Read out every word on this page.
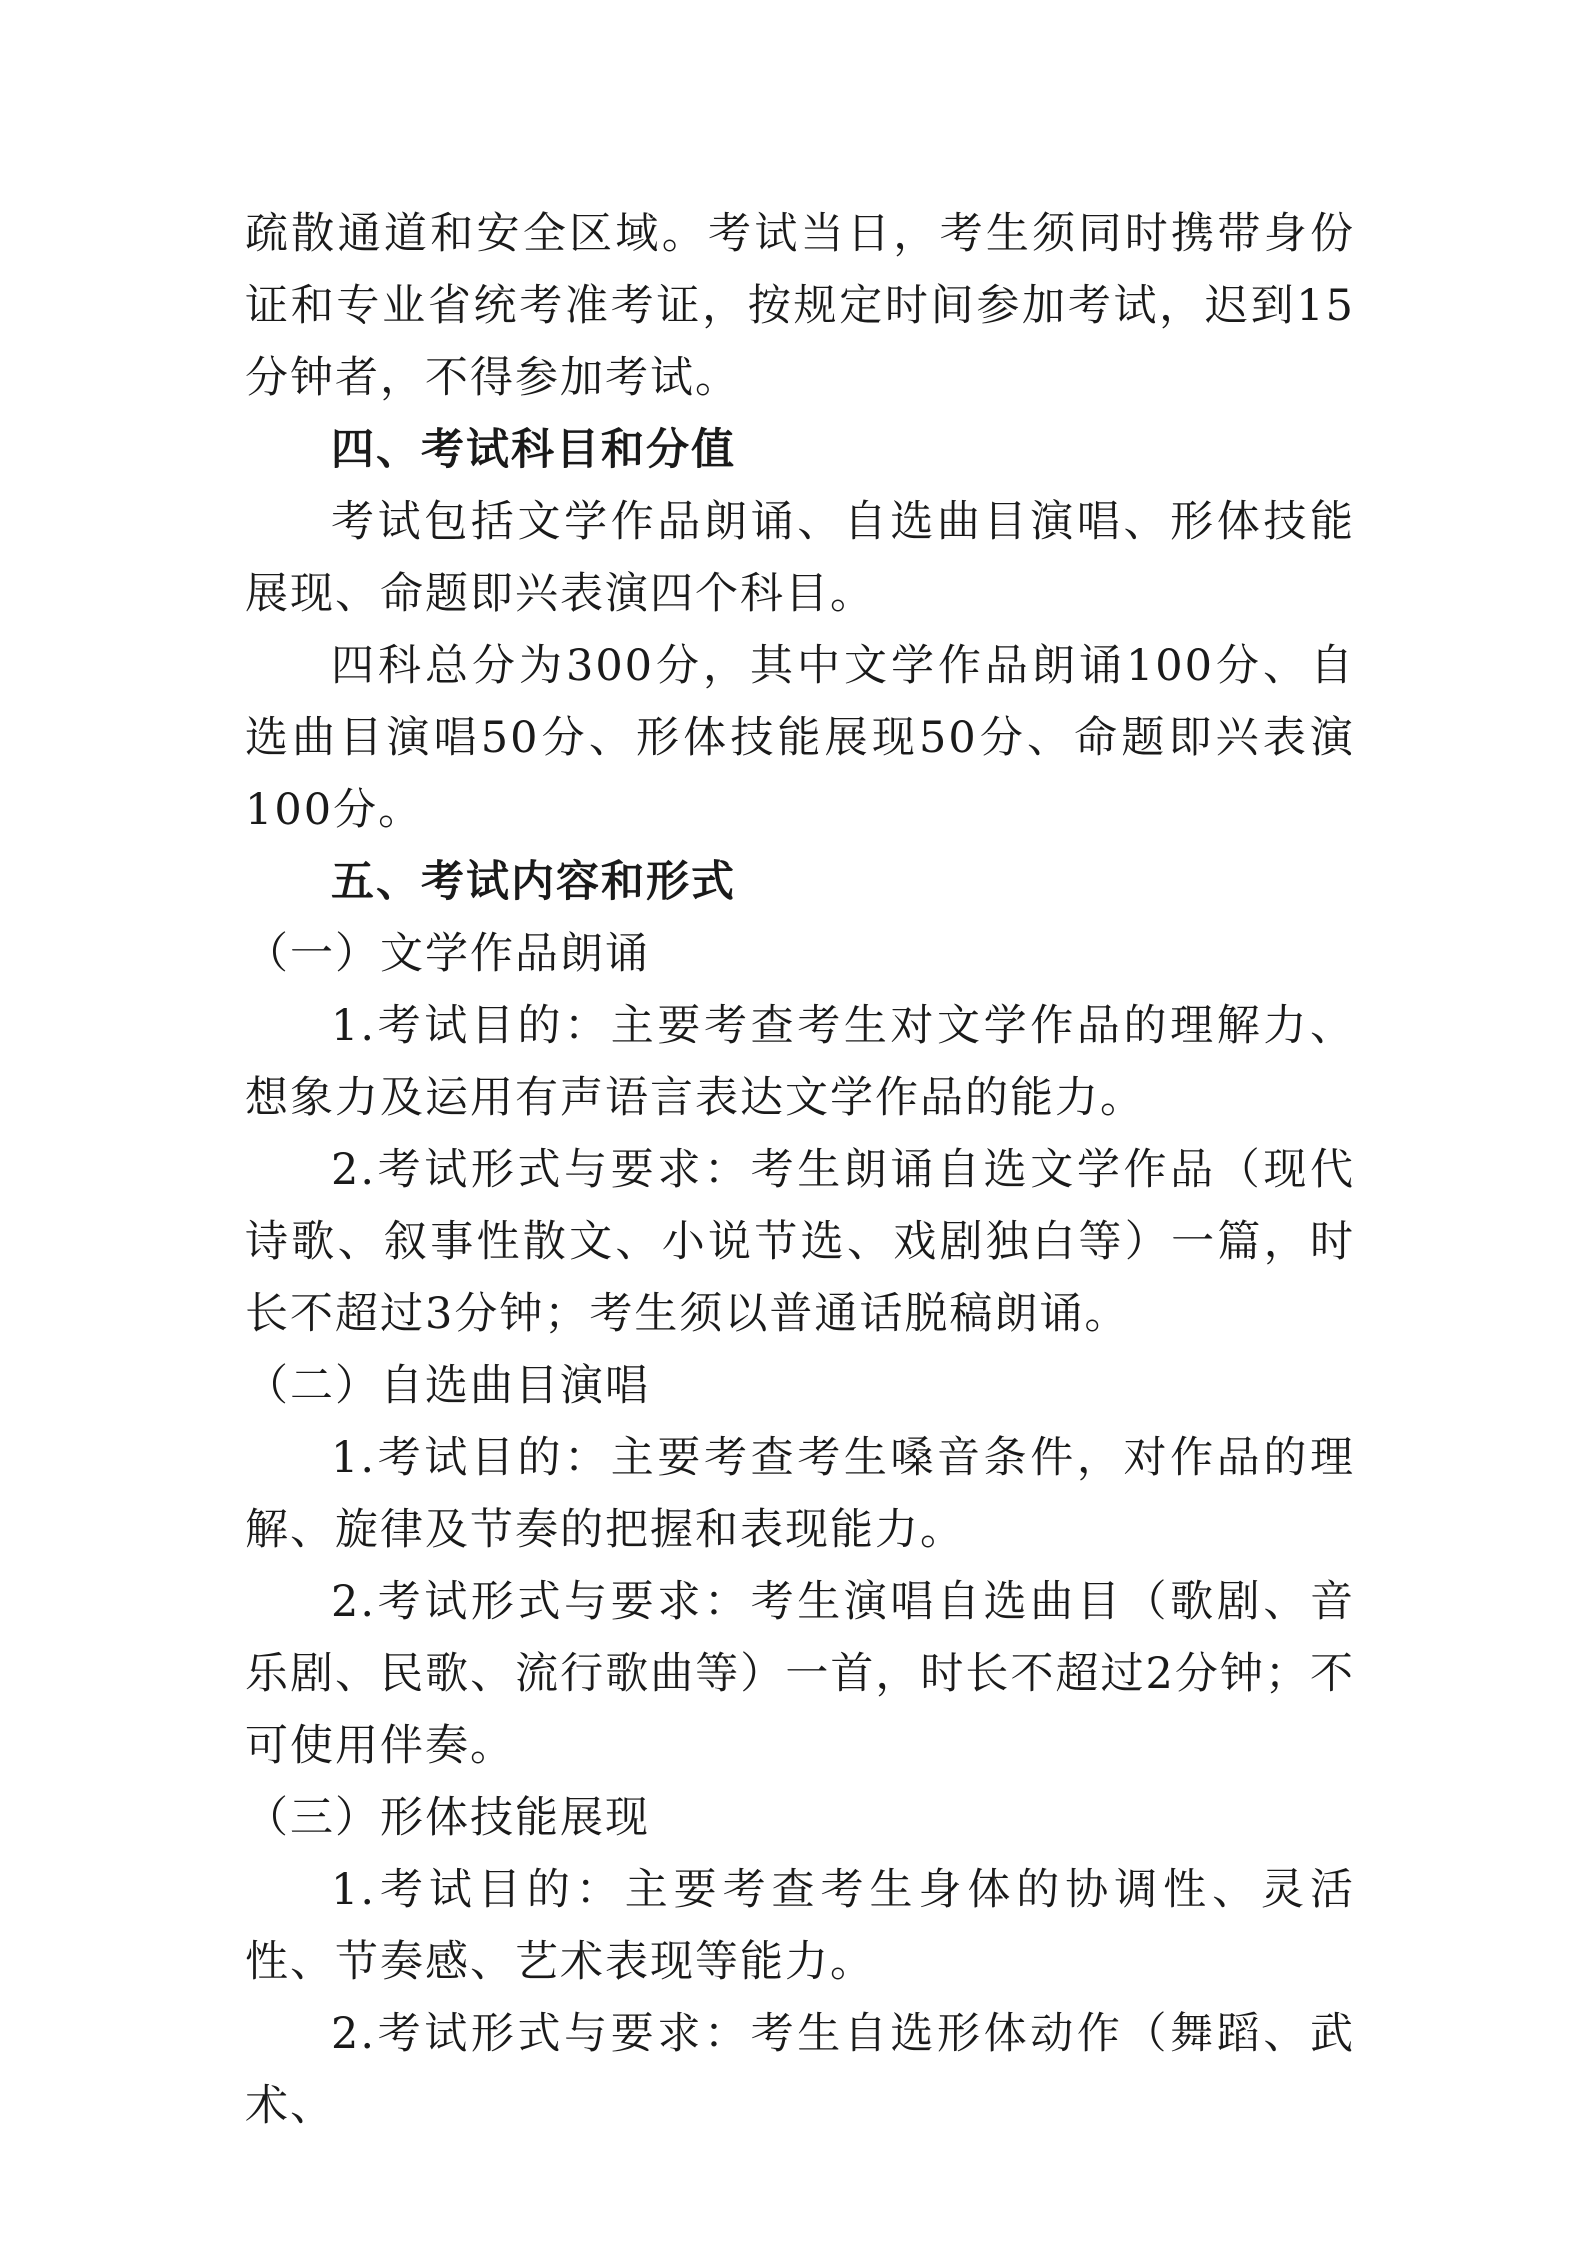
疏散通道和安全区域。考试当日，考生须同时携带身份证和专业省统考准考证，按规定时间参加考试，迟到15分钟者，不得参加考试。

四、考试科目和分值

考试包括文学作品朗诵、自选曲目演唱、形体技能展现、命题即兴表演四个科目。

四科总分为300分，其中文学作品朗诵100分、自选曲目演唱50分、形体技能展现50分、命题即兴表演100分。

五、考试内容和形式

（一）文学作品朗诵

1.考试目的：主要考查考生对文学作品的理解力、想象力及运用有声语言表达文学作品的能力。

2.考试形式与要求：考生朗诵自选文学作品（现代诗歌、叙事性散文、小说节选、戏剧独白等）一篇，时长不超过3分钟；考生须以普通话脱稿朗诵。

（二）自选曲目演唱

1.考试目的：主要考查考生嗓音条件，对作品的理解、旋律及节奏的把握和表现能力。

2.考试形式与要求：考生演唱自选曲目（歌剧、音乐剧、民歌、流行歌曲等）一首，时长不超过2分钟；不可使用伴奏。

（三）形体技能展现

1.考试目的：主要考查考生身体的协调性、灵活性、节奏感、艺术表现等能力。

2.考试形式与要求：考生自选形体动作（舞蹈、武术、
